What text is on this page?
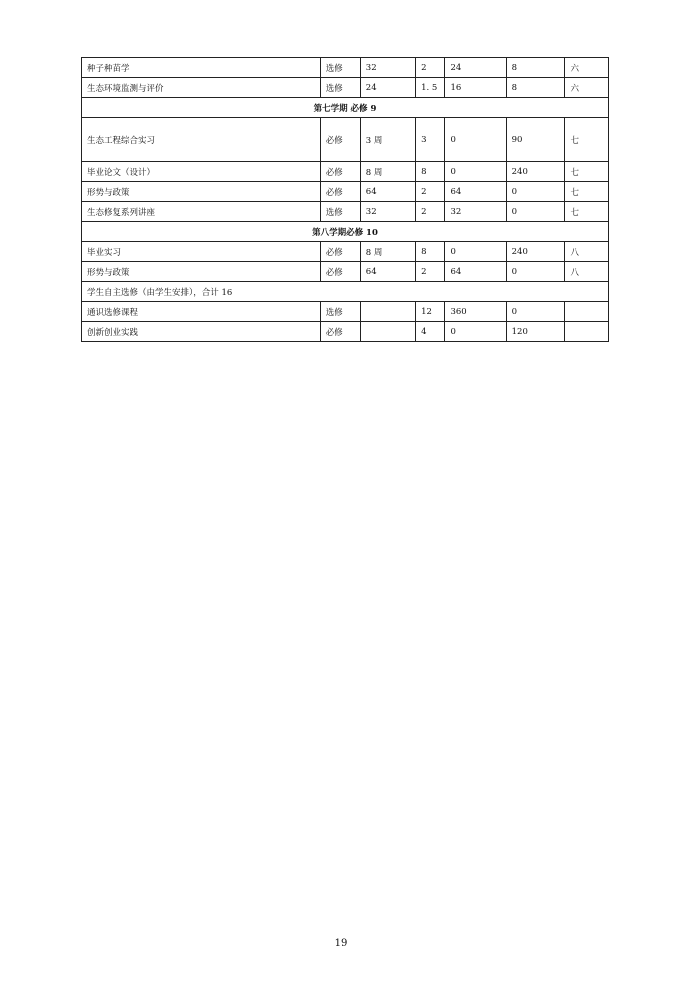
种子种苗学	选修	32	2	24	8	六
生态环境监测与评价	选修	24	1. 5	16	8	六
第七学期 必修 9						
生态工程综合实习	必修	3 周	3	0	90	七
毕业论文（设计）	必修	8 周	8	0	240	七
形势与政策	必修	64	2	64	0	七
生态修复系列讲座	选修	32	2	32	0	七
第八学期必修 10						
毕业实习	必修	8 周	8	0	240	八
形势与政策	必修	64	2	64	0	八
学生自主选修（由学生安排），合计 16						
通识选修课程	选修		12	360	0	
创新创业实践	必修		4	0	120	
19
